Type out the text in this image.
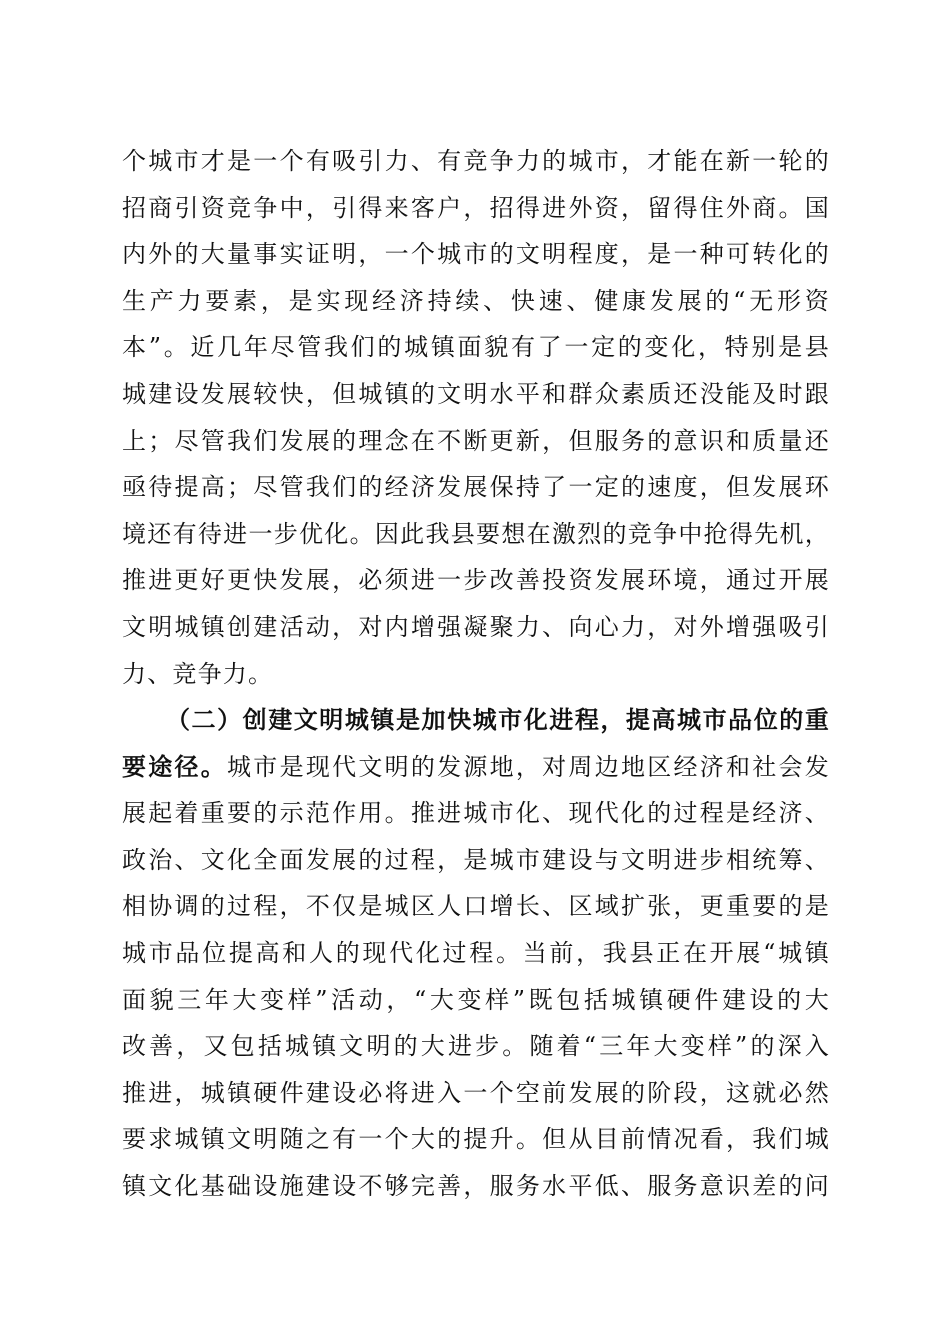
个城市才是一个有吸引力、有竞争力的城市，才能在新一轮的
招商引资竞争中，引得来客户，招得进外资，留得住外商。国
内外的大量事实证明，一个城市的文明程度，是一种可转化的
生产力要素，是实现经济持续、快速、健康发展的“无形资
本”。近几年尽管我们的城镇面貌有了一定的变化，特别是县
城建设发展较快，但城镇的文明水平和群众素质还没能及时跟
上；尽管我们发展的理念在不断更新，但服务的意识和质量还
亟待提高；尽管我们的经济发展保持了一定的速度，但发展环
境还有待进一步优化。因此我县要想在激烈的竞争中抢得先机，
推进更好更快发展，必须进一步改善投资发展环境，通过开展
文明城镇创建活动，对内增强凝聚力、向心力，对外增强吸引
力、竞争力。
（二）创建文明城镇是加快城市化进程，提高城市品位的重
要途径。城市是现代文明的发源地，对周边地区经济和社会发
展起着重要的示范作用。推进城市化、现代化的过程是经济、
政治、文化全面发展的过程，是城市建设与文明进步相统筹、
相协调的过程，不仅是城区人口增长、区域扩张，更重要的是
城市品位提高和人的现代化过程。当前，我县正在开展“城镇
面貌三年大变样”活动，“大变样”既包括城镇硬件建设的大
改善，又包括城镇文明的大进步。随着“三年大变样”的深入
推进，城镇硬件建设必将进入一个空前发展的阶段，这就必然
要求城镇文明随之有一个大的提升。但从目前情况看，我们城
镇文化基础设施建设不够完善，服务水平低、服务意识差的问
